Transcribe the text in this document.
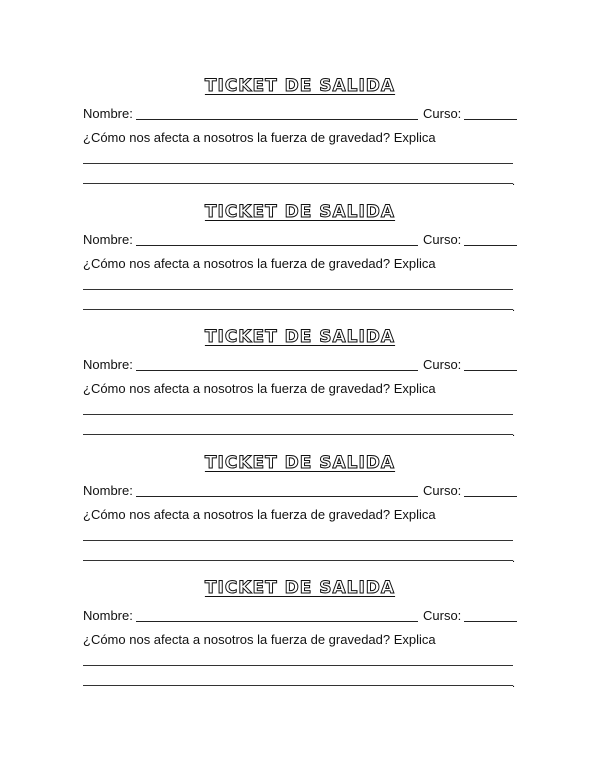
TICKET DE SALIDA
Nombre:	Curso:
¿Cómo nos afecta a nosotros la fuerza de gravedad? Explica
.
TICKET DE SALIDA
Nombre:	Curso:
¿Cómo nos afecta a nosotros la fuerza de gravedad? Explica
.
TICKET DE SALIDA
Nombre:	Curso:
¿Cómo nos afecta a nosotros la fuerza de gravedad? Explica
.
TICKET DE SALIDA
Nombre:	Curso:
¿Cómo nos afecta a nosotros la fuerza de gravedad? Explica
.
TICKET DE SALIDA
Nombre:	Curso:
¿Cómo nos afecta a nosotros la fuerza de gravedad? Explica
.
